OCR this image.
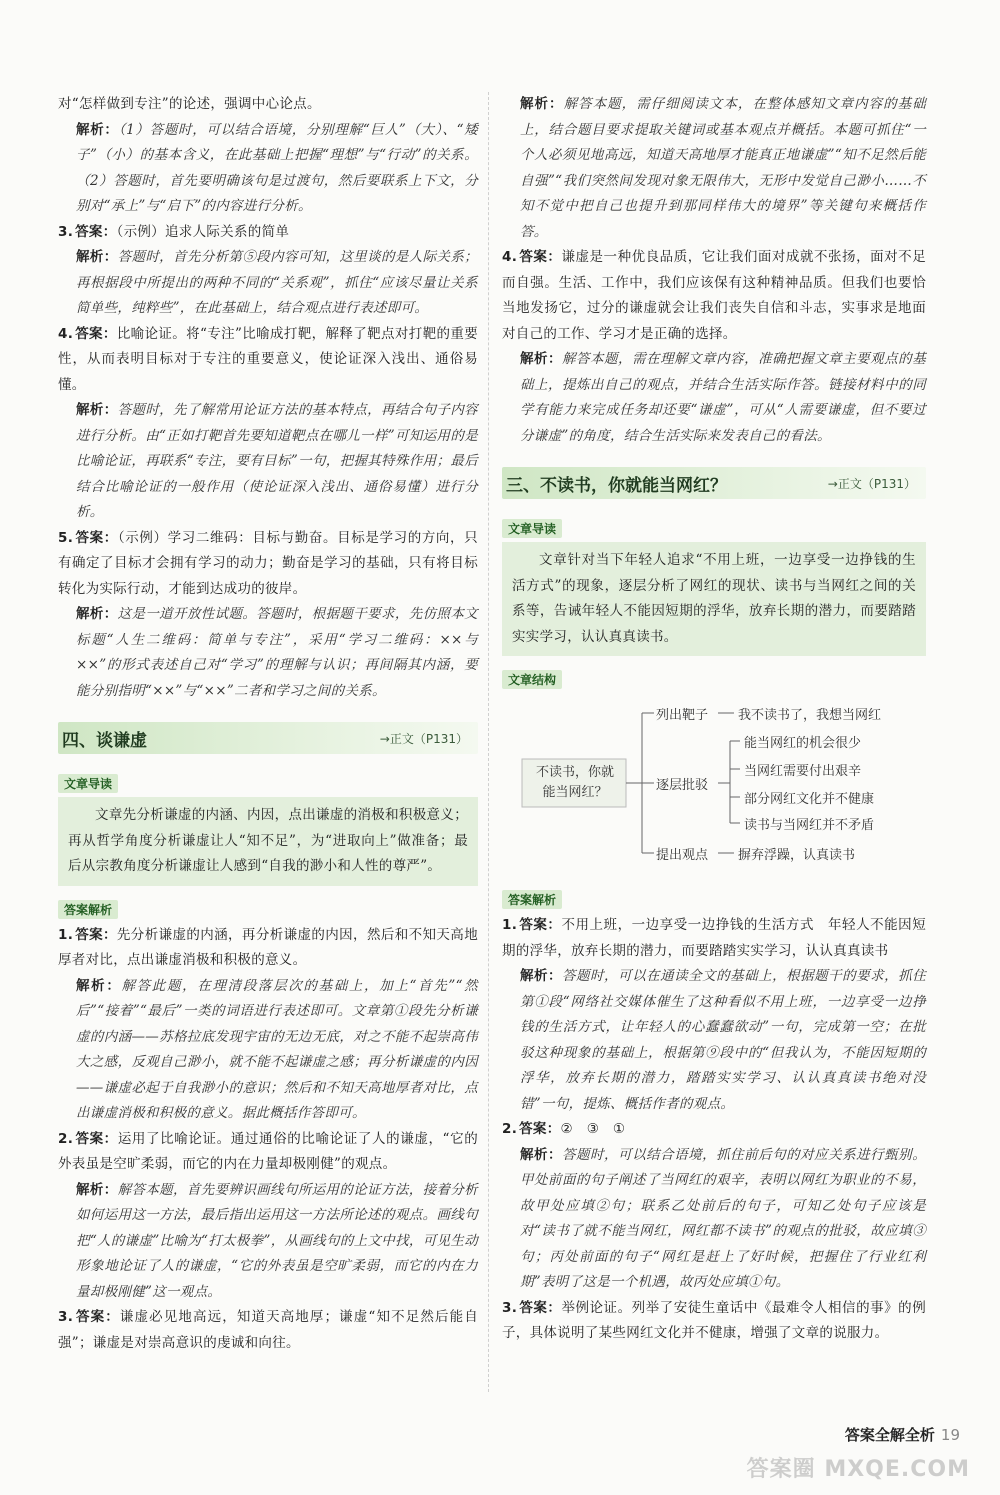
对“怎样做到专注”的论述，强调中心论点。

解析：（1）答题时，可以结合语境，分别理解“巨人”（大）、“矮子”（小）的基本含义，在此基础上把握“理想”与“行动”的关系。（2）答题时，首先要明确该句是过渡句，然后要联系上下文，分别对“承上”与“启下”的内容进行分析。

3. 答案：（示例）追求人际关系的简单

解析：答题时，首先分析第⑤段内容可知，这里谈的是人际关系；再根据段中所提出的两种不同的“关系观”，抓住“应该尽量让关系简单些，纯粹些”，在此基础上，结合观点进行表述即可。

4. 答案：比喻论证。将“专注”比喻成打靶，解释了靶点对打靶的重要性，从而表明目标对于专注的重要意义，使论证深入浅出、通俗易懂。

解析：答题时，先了解常用论证方法的基本特点，再结合句子内容进行分析。由“正如打靶首先要知道靶点在哪儿一样”可知运用的是比喻论证，再联系“专注，要有目标”一句，把握其特殊作用；最后结合比喻论证的一般作用（使论证深入浅出、通俗易懂）进行分析。

5. 答案：（示例）学习二维码：目标与勤奋。目标是学习的方向，只有确定了目标才会拥有学习的动力；勤奋是学习的基础，只有将目标转化为实际行动，才能到达成功的彼岸。

解析：这是一道开放性试题。答题时，根据题干要求，先仿照本文标题“人生二维码：简单与专注”，采用“学习二维码：××与××”的形式表述自己对“学习”的理解与认识；再间隔其内涵，要能分别指明“××”与“××”二者和学习之间的关系。

四、谈谦虚	→正文（P131）
文章导读

文章先分析谦虚的内涵、内因，点出谦虚的消极和积极意义；再从哲学角度分析谦虚让人“知不足”，为“进取向上”做准备；最后从宗教角度分析谦虚让人感到“自我的渺小和人性的尊严”。

答案解析

1. 答案：先分析谦虚的内涵，再分析谦虚的内因，然后和不知天高地厚者对比，点出谦虚消极和积极的意义。

解析：解答此题，在理清段落层次的基础上，加上“首先”“然后”“接着”“最后”一类的词语进行表述即可。文章第①段先分析谦虚的内涵——苏格拉底发现宇宙的无边无底，对之不能不起崇高伟大之感，反观自己渺小，就不能不起谦虚之感；再分析谦虚的内因——谦虚必起于自我渺小的意识；然后和不知天高地厚者对比，点出谦虚消极和积极的意义。据此概括作答即可。

2. 答案：运用了比喻论证。通过通俗的比喻论证了人的谦虚，“它的外表虽是空旷柔弱，而它的内在力量却极刚健”的观点。

解析：解答本题，首先要辨识画线句所运用的论证方法，接着分析如何运用这一方法，最后指出运用这一方法所论述的观点。画线句把“人的谦虚”比喻为“打太极拳”，从画线句的上文中找，可见生动形象地论证了人的谦虚，“它的外表虽是空旷柔弱，而它的内在力量却极刚健”这一观点。

3. 答案：谦虚必见地高远，知道天高地厚；谦虚“知不足然后能自强”；谦虚是对崇高意识的虔诚和向往。

解析：解答本题，需仔细阅读文本，在整体感知文章内容的基础上，结合题目要求提取关键词或基本观点并概括。本题可抓住“一个人必须见地高远，知道天高地厚才能真正地谦虚”“知不足然后能自强”“我们突然间发现对象无限伟大，无形中发觉自己渺小……不知不觉中把自己也提升到那同样伟大的境界”等关键句来概括作答。

4. 答案：谦虚是一种优良品质，它让我们面对成就不张扬，面对不足而自强。生活、工作中，我们应该保有这种精神品质。但我们也要恰当地发扬它，过分的谦虚就会让我们丧失自信和斗志，实事求是地面对自己的工作、学习才是正确的选择。

解析：解答本题，需在理解文章内容，准确把握文章主要观点的基础上，提炼出自己的观点，并结合生活实际作答。链接材料中的同学有能力来完成任务却还要“谦虚”，可从“人需要谦虚，但不要过分谦虚”的角度，结合生活实际来发表自己的看法。

三、不读书，你就能当网红？	→正文（P131）
文章导读

文章针对当下年轻人追求“不用上班，一边享受一边挣钱的生活方式”的现象，逐层分析了网红的现状、读书与当网红之间的关系等，告诫年轻人不能因短期的浮华，放弃长期的潜力，而要踏踏实实学习，认认真真读书。

文章结构
不读书，你就能当网红？
列出靶子 我不读书了，我想当网红
逐层批驳
能当网红的机会很少
当网红需要付出艰辛
部分网红文化并不健康
读书与当网红并不矛盾
提出观点 摒弃浮躁，认真读书
答案解析

1. 答案：不用上班，一边享受一边挣钱的生活方式　年轻人不能因短期的浮华，放弃长期的潜力，而要踏踏实实学习，认认真真读书

解析：答题时，可以在通读全文的基础上，根据题干的要求，抓住第①段“网络社交媒体催生了这种看似不用上班，一边享受一边挣钱的生活方式，让年轻人的心蠢蠢欲动”一句，完成第一空；在批驳这种现象的基础上，根据第⑨段中的“但我认为，不能因短期的浮华，放弃长期的潜力，踏踏实实学习、认认真真读书绝对没错”一句，提炼、概括作者的观点。

2. 答案：②　③　①

解析：答题时，可以结合语境，抓住前后句的对应关系进行甄别。甲处前面的句子阐述了当网红的艰辛，表明以网红为职业的不易，故甲处应填②句；联系乙处前后的句子，可知乙处句子应该是对“读书了就不能当网红，网红都不读书”的观点的批驳，故应填③句；丙处前面的句子“网红是赶上了好时候，把握住了行业红利期”表明了这是一个机遇，故丙处应填①句。

3. 答案：举例论证。列举了安徒生童话中《最难令人相信的事》的例子，具体说明了某些网红文化并不健康，增强了文章的说服力。

答案全解全析 19
答案圈 MXQE.COM
